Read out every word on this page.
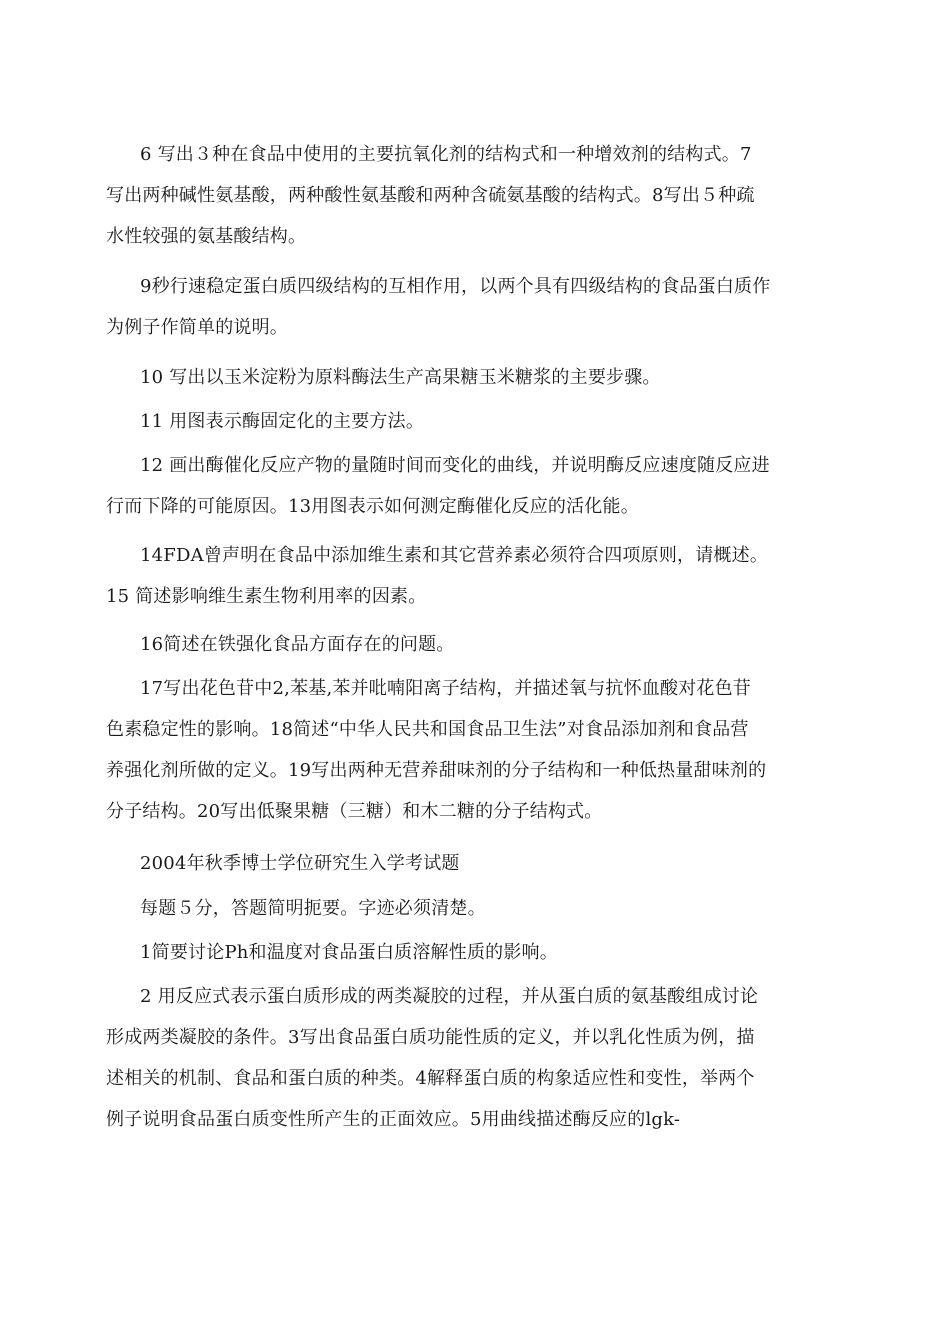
6 写出３种在食品中使用的主要抗氧化剂的结构式和一种增效剂的结构式。7
写出两种碱性氨基酸，两种酸性氨基酸和两种含硫氨基酸的结构式。8写出５种疏
水性较强的氨基酸结构。

9秒行速稳定蛋白质四级结构的互相作用，以两个具有四级结构的食品蛋白质作
为例子作简单的说明。

10 写出以玉米淀粉为原料酶法生产高果糖玉米糖浆的主要步骤。

11 用图表示酶固定化的主要方法。

12 画出酶催化反应产物的量随时间而变化的曲线，并说明酶反应速度随反应进
行而下降的可能原因。13用图表示如何测定酶催化反应的活化能。

14FDA曾声明在食品中添加维生素和其它营养素必须符合四项原则，请概述。
15 简述影响维生素生物利用率的因素。

16简述在铁强化食品方面存在的问题。

17写出花色苷中2,苯基,苯并吡喃阳离子结构，并描述氧与抗怀血酸对花色苷
色素稳定性的影响。18简述“中华人民共和国食品卫生法”对食品添加剂和食品营
养强化剂所做的定义。19写出两种无营养甜味剂的分子结构和一种低热量甜味剂的
分子结构。20写出低聚果糖（三糖）和木二糖的分子结构式。

2004年秋季博士学位研究生入学考试题

每题５分，答题简明扼要。字迹必须清楚。

1简要讨论Ph和温度对食品蛋白质溶解性质的影响。

2 用反应式表示蛋白质形成的两类凝胶的过程，并从蛋白质的氨基酸组成讨论
形成两类凝胶的条件。3写出食品蛋白质功能性质的定义，并以乳化性质为例，描
述相关的机制、食品和蛋白质的种类。4解释蛋白质的构象适应性和变性，举两个
例子说明食品蛋白质变性所产生的正面效应。5用曲线描述酶反应的lgk-
